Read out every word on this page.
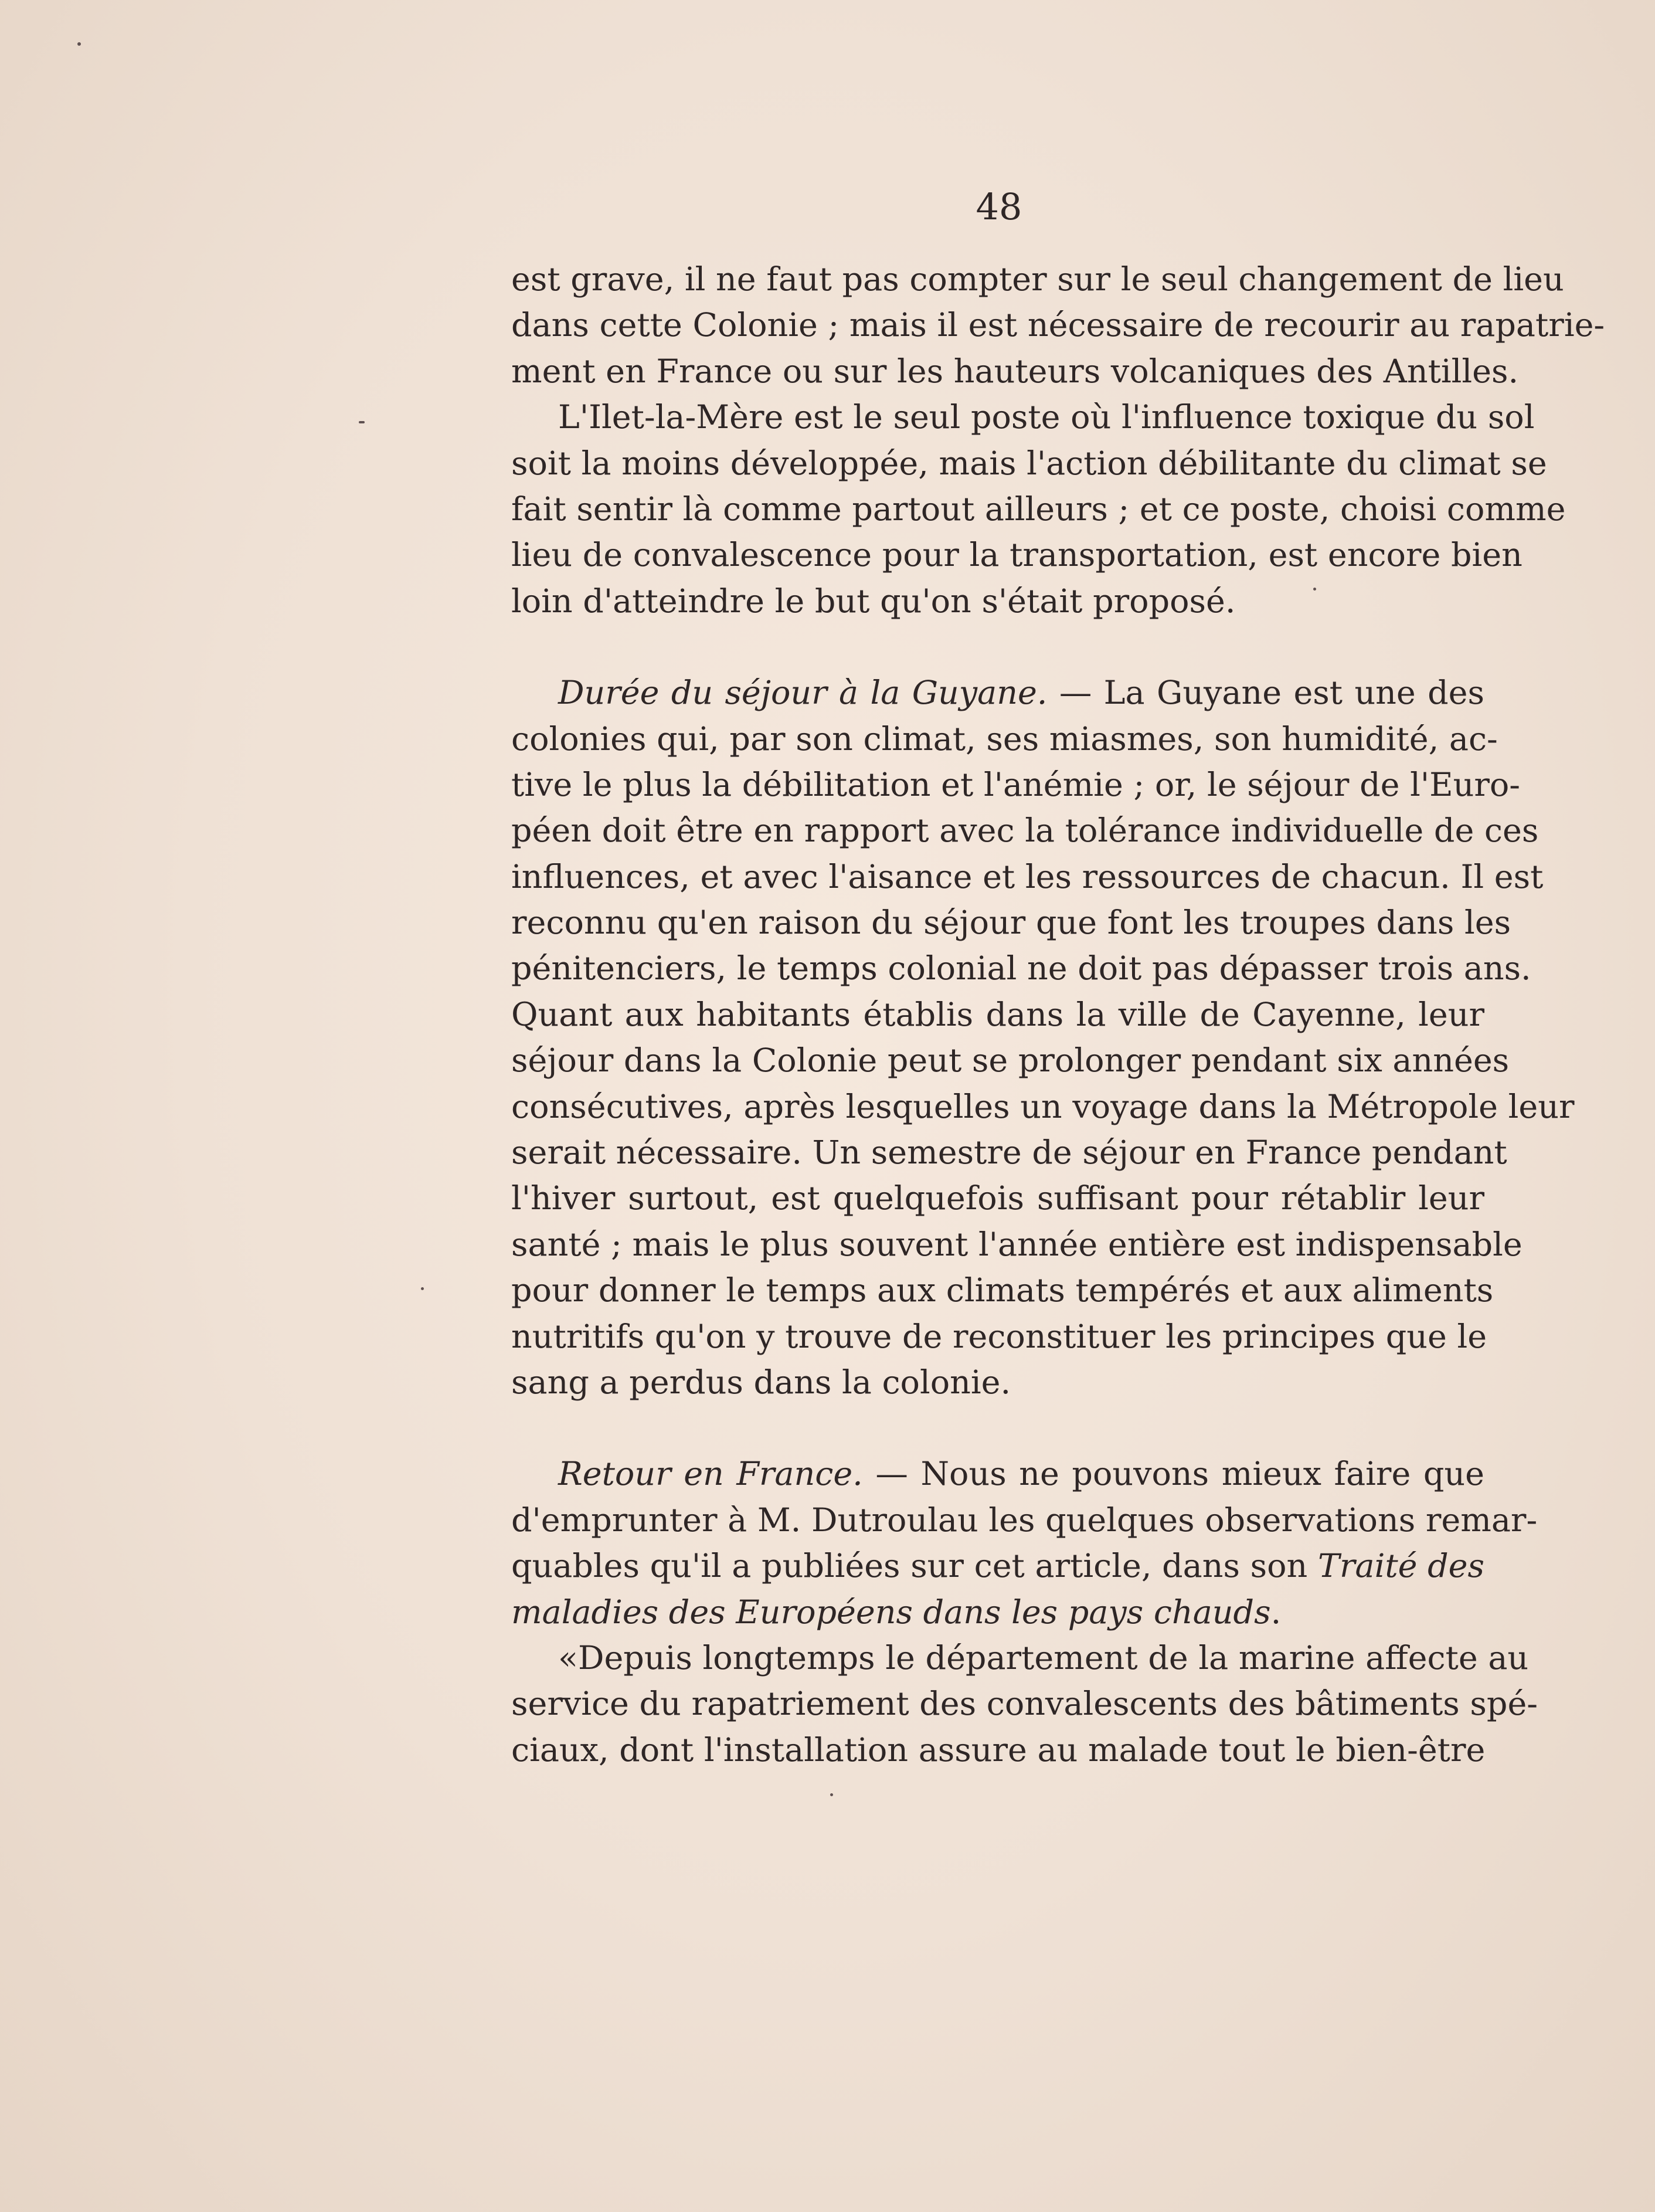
48
est grave, il ne faut pas compter sur le seul changement de lieu
dans cette Colonie ; mais il est nécessaire de recourir au rapatrie-
ment en France ou sur les hauteurs volcaniques des Antilles.
L'Ilet-la-Mère est le seul poste où l'influence toxique du sol
soit la moins développée, mais l'action débilitante du climat se
fait sentir là comme partout ailleurs ; et ce poste, choisi comme
lieu de convalescence pour la transportation, est encore bien
loin d'atteindre le but qu'on s'était proposé.
Durée du séjour à la Guyane. — La Guyane est une des
colonies qui, par son climat, ses miasmes, son humidité, ac-
tive le plus la débilitation et l'anémie ; or, le séjour de l'Euro-
péen doit être en rapport avec la tolérance individuelle de ces
influences, et avec l'aisance et les ressources de chacun. Il est
reconnu qu'en raison du séjour que font les troupes dans les
pénitenciers, le temps colonial ne doit pas dépasser trois ans.
Quant aux habitants établis dans la ville de Cayenne, leur
séjour dans la Colonie peut se prolonger pendant six années
consécutives, après lesquelles un voyage dans la Métropole leur
serait nécessaire. Un semestre de séjour en France pendant
l'hiver surtout, est quelquefois suffisant pour rétablir leur
santé ; mais le plus souvent l'année entière est indispensable
pour donner le temps aux climats tempérés et aux aliments
nutritifs qu'on y trouve de reconstituer les principes que le
sang a perdus dans la colonie.
Retour en France. — Nous ne pouvons mieux faire que
d'emprunter à M. Dutroulau les quelques observations remar-
quables qu'il a publiées sur cet article, dans son Traité des
maladies des Européens dans les pays chauds.
«Depuis longtemps le département de la marine affecte au
service du rapatriement des convalescents des bâtiments spé-
ciaux, dont l'installation assure au malade tout le bien-être
